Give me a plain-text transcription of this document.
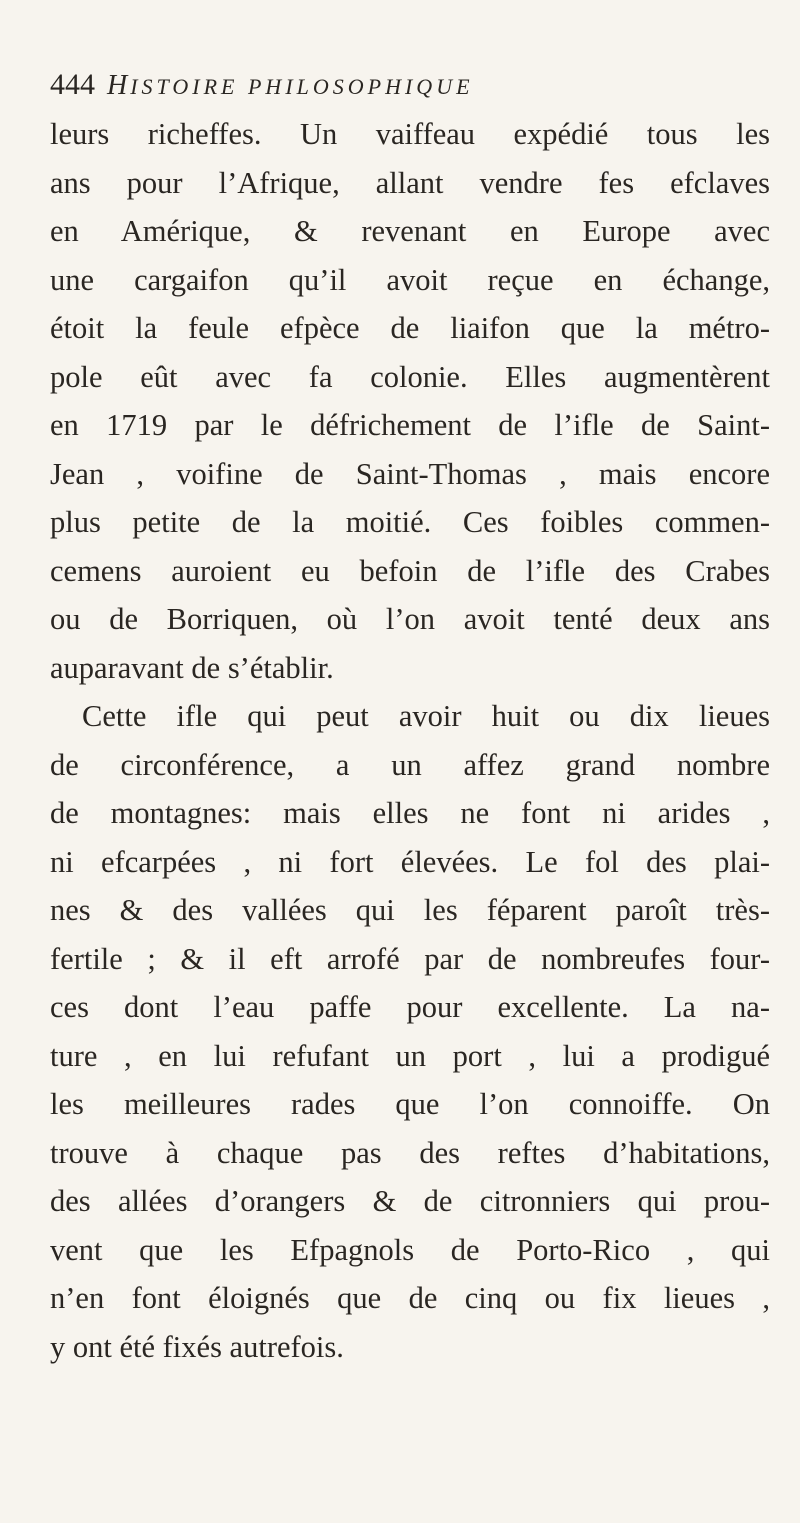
444 HISTOIRE PHILOSOPHIQUE
leurs richeffes. Un vaiffeau expédié tous les
ans pour l’Afrique, allant vendre fes efclaves
en Amérique, & revenant en Europe avec
une cargaifon qu’il avoit reçue en échange,
étoit la feule efpèce de liaifon que la métro-
pole eût avec fa colonie. Elles augmentèrent
en 1719 par le défrichement de l’ifle de Saint-
Jean , voifine de Saint-Thomas , mais encore
plus petite de la moitié. Ces foibles commen-
cemens auroient eu befoin de l’ifle des Crabes
ou de Borriquen, où l’on avoit tenté deux ans
auparavant de s’établir.
Cette ifle qui peut avoir huit ou dix lieues
de circonférence, a un affez grand nombre
de montagnes: mais elles ne font ni arides ,
ni efcarpées , ni fort élevées. Le fol des plai-
nes & des vallées qui les féparent paroît très-
fertile ; & il eft arrofé par de nombreufes four-
ces dont l’eau paffe pour excellente. La na-
ture , en lui refufant un port , lui a prodigué
les meilleures rades que l’on connoiffe. On
trouve à chaque pas des reftes d’habitations,
des allées d’orangers & de citronniers qui prou-
vent que les Efpagnols de Porto-Rico , qui
n’en font éloignés que de cinq ou fix lieues ,
y ont été fixés autrefois.
